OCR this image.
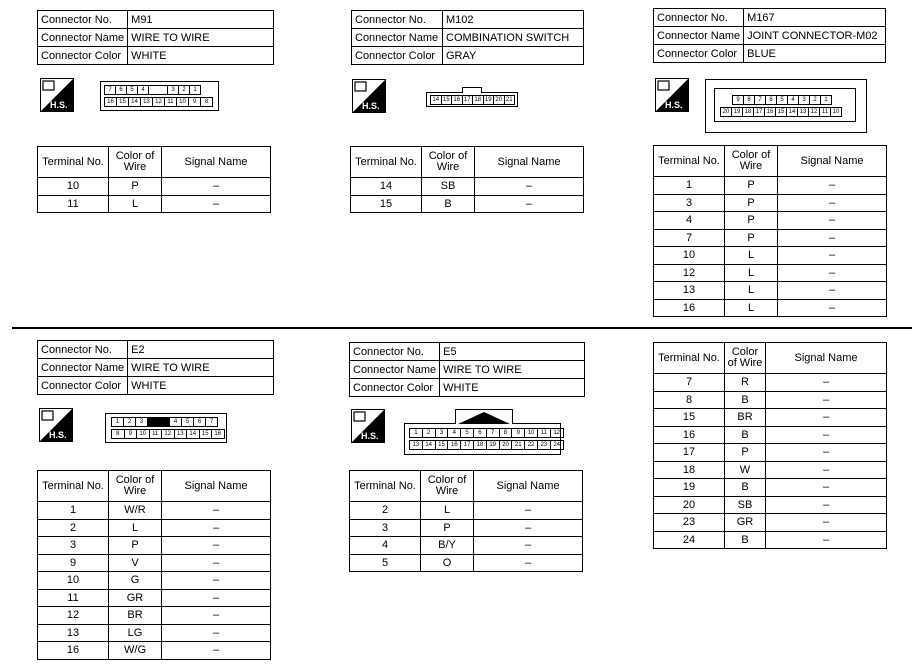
Connector No.	M91
Connector Name	WIRE TO WIRE
Connector Color	WHITE
H.S.
7	6	5	4	3	2	1
16 15 14 13 12 11 10	9	8
Terminal No.	Color of Wire	Signal Name
10	P	–
11	L	–
Connector No.	M102
Connector Name	COMBINATION SWITCH
Connector Color	GRAY
H.S.
14 15 16 17 18 19 20 21
Terminal No.	Color of Wire	Signal Name
14	SB	–
15	B	–
Connector No.	M167
Connector Name	JOINT CONNECTOR-M02
Connector Color	BLUE
H.S.	9	8	7	6	5	4	3	2	1
20 19 18 17 16 15 14 13 12 11 10
Terminal No.	Color of Wire	Signal Name
1	P	–
3	P	–
4	P	–
7	P	–
10	L	–
12	L	–
13	L	–
16	L	–
Connector No.	E2
Connector Name	WIRE TO WIRE
Connector Color	WHITE
H.S.
1	2	3	4	5	6	7
8	9	10	11	12 13 14 15 16
Terminal No.	Color of Wire	Signal Name
1	W/R	–
2	L	–
3	P	–
9	V	–
10	G	–
11	GR	–
12	BR	–
13	LG	–
16	W/G	–
Connector No.	E5
Connector Name	WIRE TO WIRE
Connector Color	WHITE
H.S.	1	2	3	4	5	6	7	8	9	10	11	12
13	14	15	16	17	18	19	20	21	22	23	24
Terminal No.	Color of Wire	Signal Name
2	L	–
3	P	–
4	B/Y	–
5	O	–
Terminal No.	Color of Wire	Signal Name
7	R	–
8	B	–
15	BR	–
16	B	–
17	P	–
18	W	–
19	B	–
20	SB	–
23	GR	–
24	B	–
